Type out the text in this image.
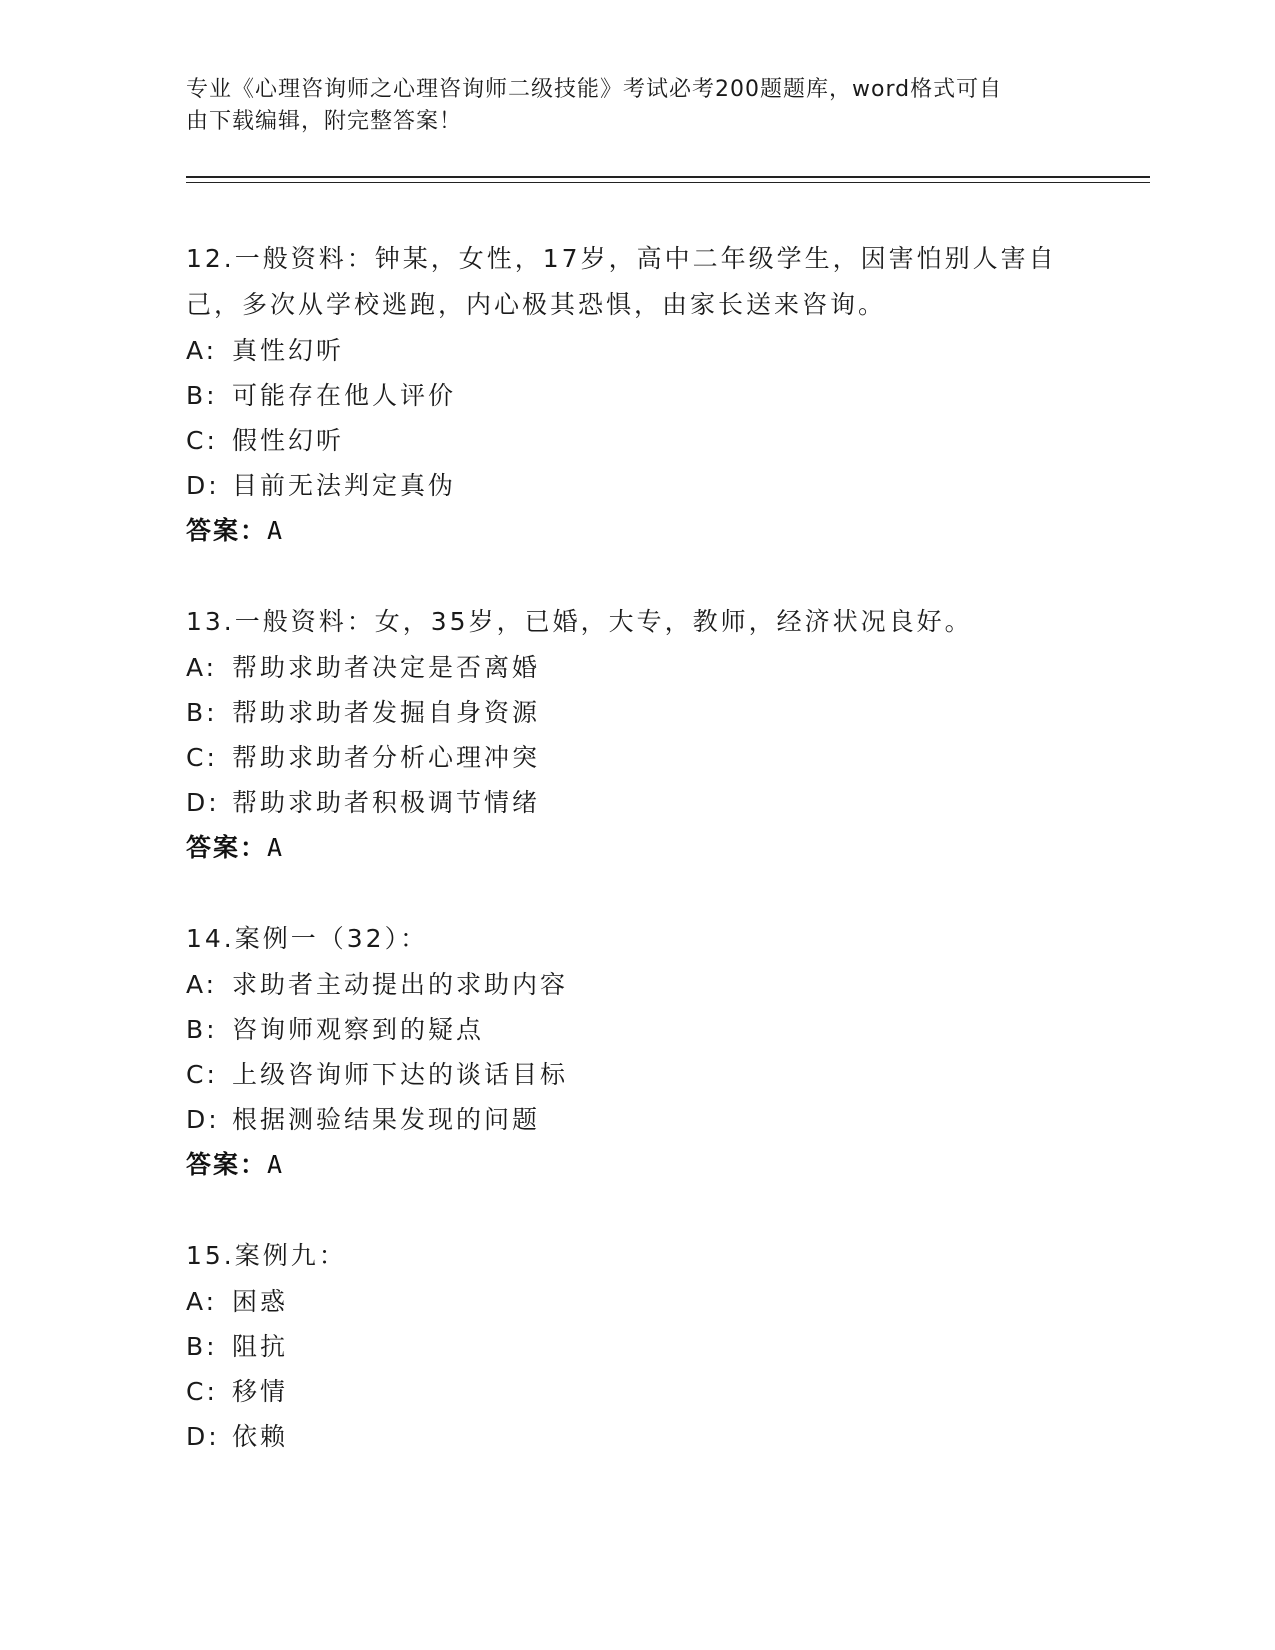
专业《心理咨询师之心理咨询师二级技能》考试必考200题题库，word格式可自
由下载编辑，附完整答案！
12.一般资料：钟某，女性，17岁，高中二年级学生，因害怕别人害自
己，多次从学校逃跑，内心极其恐惧，由家长送来咨询。
A: 真性幻听
B: 可能存在他人评价
C: 假性幻听
D: 目前无法判定真伪
答案：A
13.一般资料：女，35岁，已婚，大专，教师，经济状况良好。
A: 帮助求助者决定是否离婚
B: 帮助求助者发掘自身资源
C: 帮助求助者分析心理冲突
D: 帮助求助者积极调节情绪
答案：A
14.案例一（32）：
A: 求助者主动提出的求助内容
B: 咨询师观察到的疑点
C: 上级咨询师下达的谈话目标
D: 根据测验结果发现的问题
答案：A
15.案例九：
A: 困惑
B: 阻抗
C: 移情
D: 依赖
